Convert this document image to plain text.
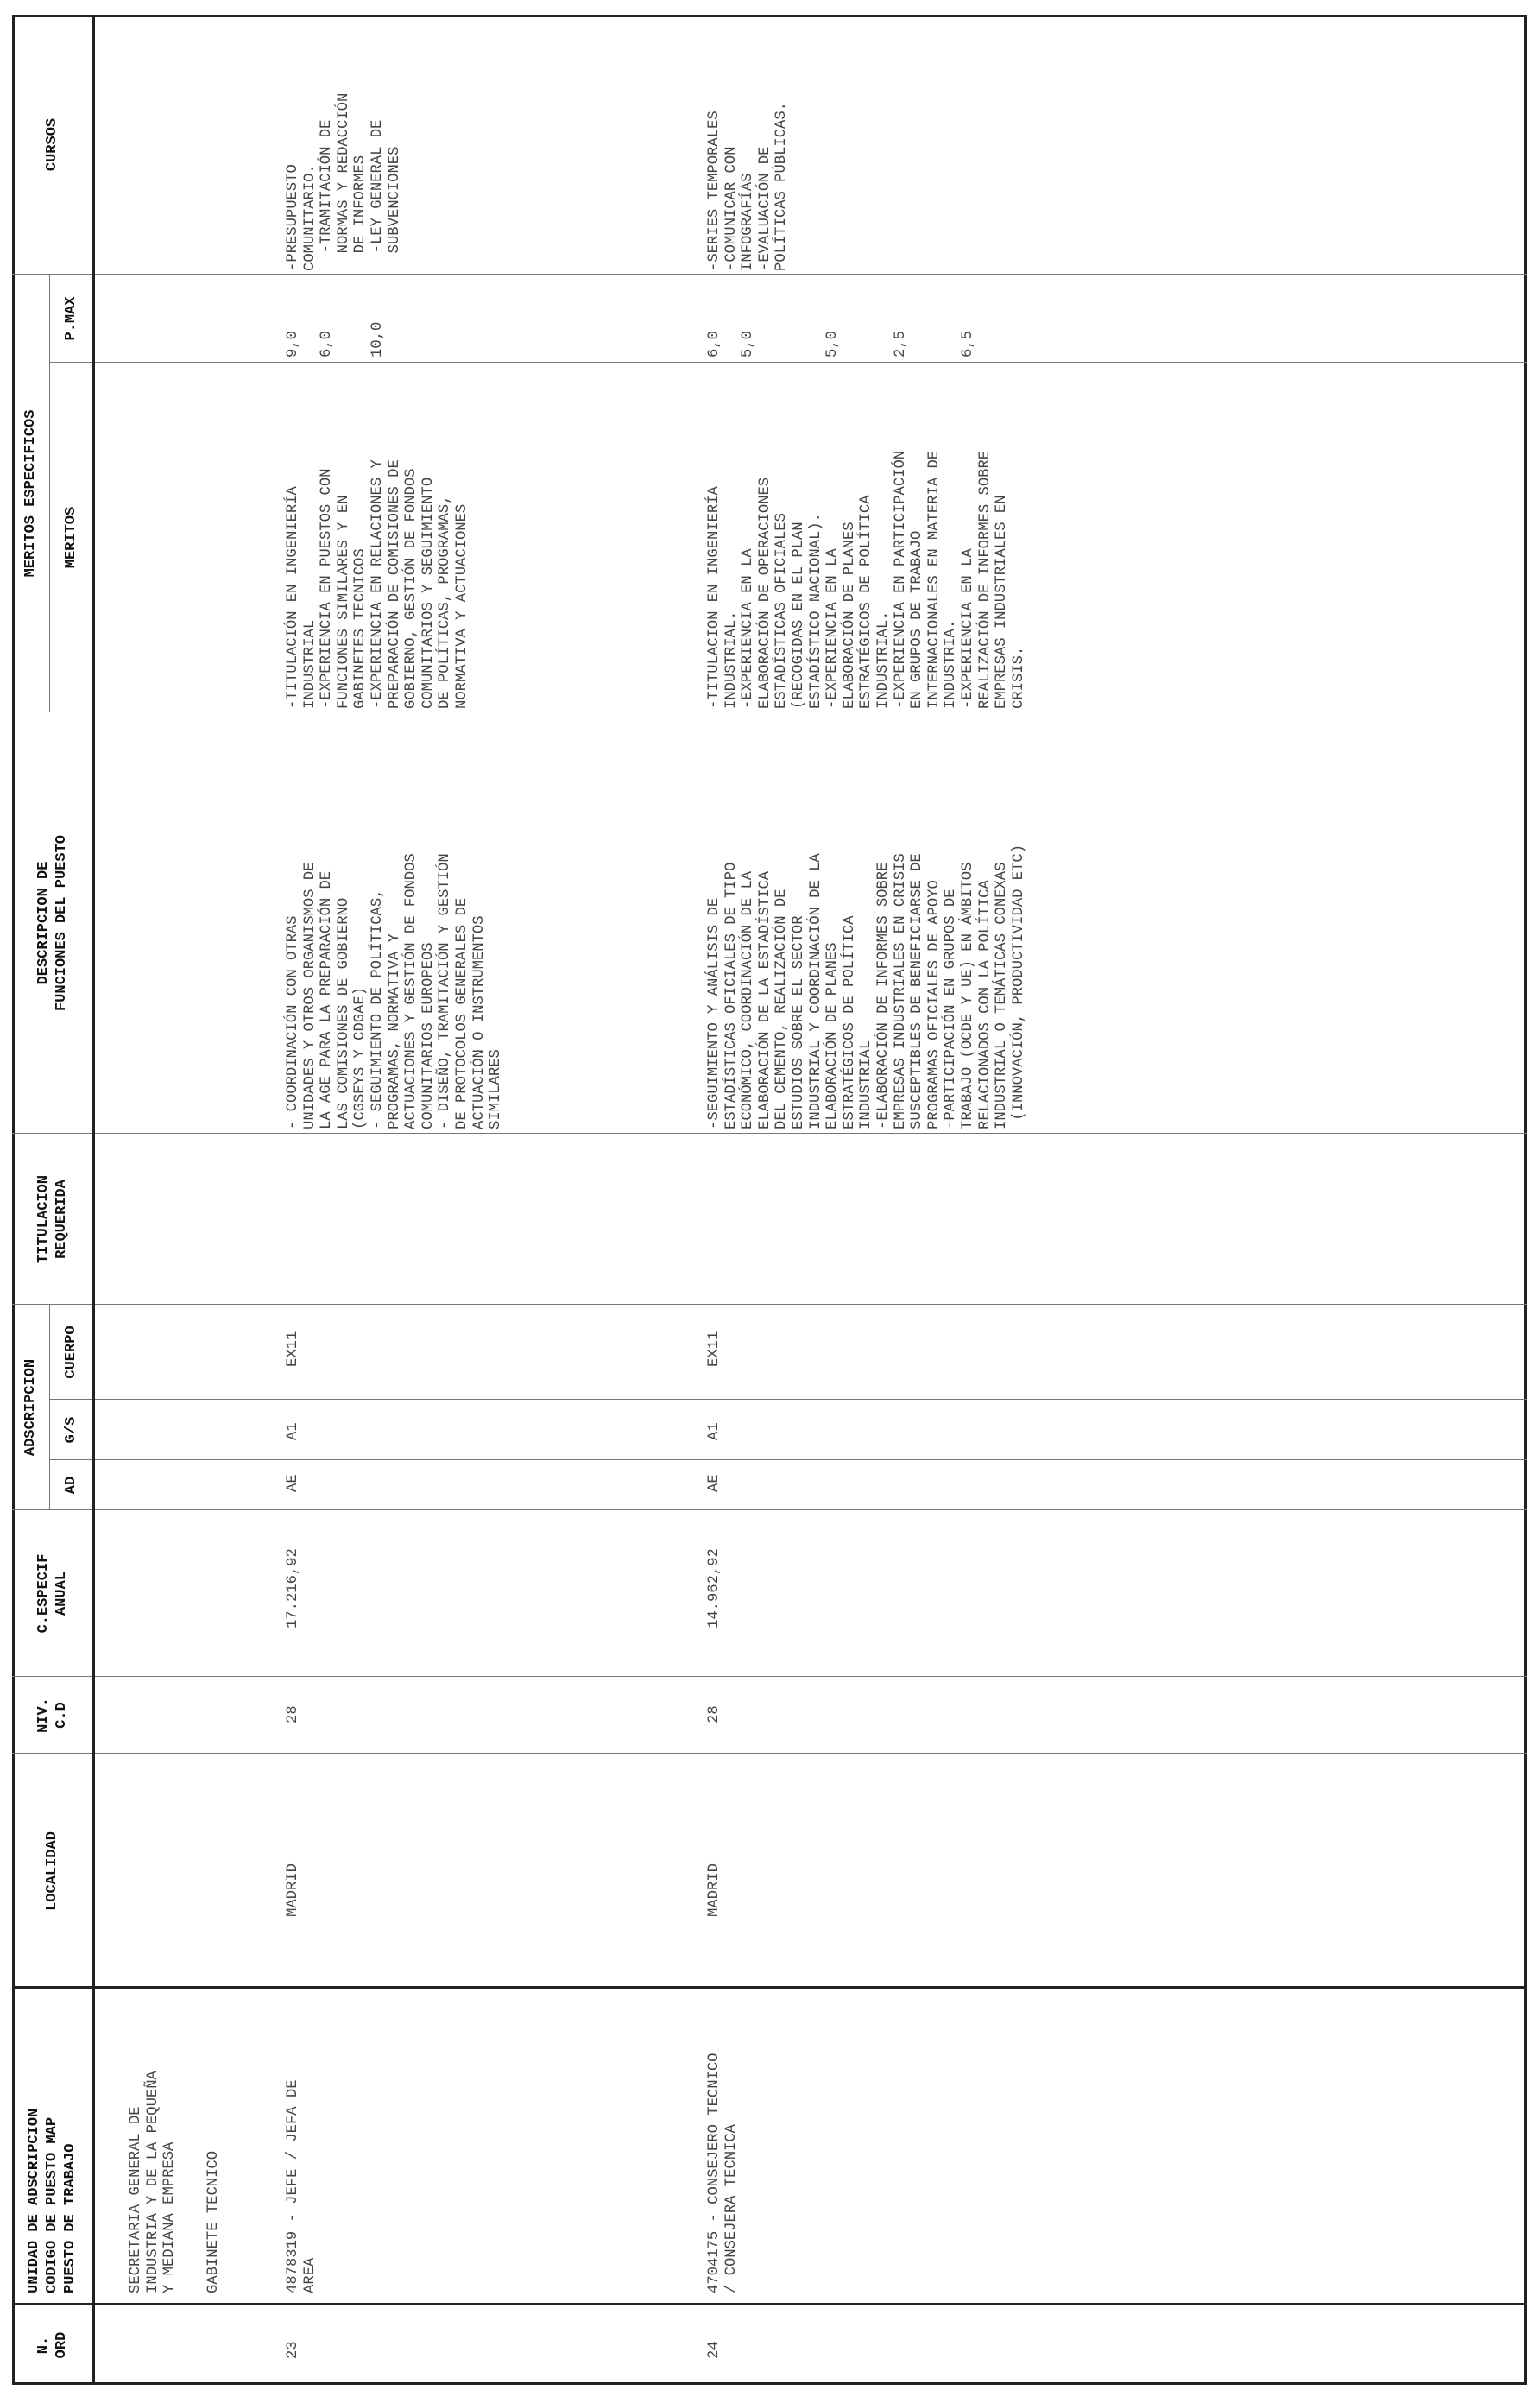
N.
ORD
UNIDAD DE ADSCRIPCION
CODIGO DE PUESTO MAP
PUESTO DE TRABAJO
LOCALIDAD
NIV.
C.D
C.ESPECIF
ANUAL
ADSCRIPCION
AD
G/S
CUERPO
TITULACION
REQUERIDA
DESCRIPCION DE
FUNCIONES DEL PUESTO
MERITOS ESPECIFICOS	MERITOS
P.MAX
CURSOS
SECRETARIA GENERAL DE
INDUSTRIA Y DE LA PEQUEÑA
Y MEDIANA EMPRESA GABINETE TECNICO
23
4878319 - JEFE / JEFA DE
AREA
MADRID
28
17.216,92
AE
A1
EX11
- COORDINACIÓN CON OTRAS
UNIDADES Y OTROS ORGANISMOS DE
LA AGE PARA LA PREPARACIÓN DE
LAS COMISIONES DE GOBIERNO
(CGSEYS Y CDGAE)
- SEGUIMIENTO DE POLÍTICAS,
PROGRAMAS, NORMATIVA Y
ACTUACIONES Y GESTIÓN DE FONDOS
COMUNITARIOS EUROPEOS
- DISEÑO, TRAMITACIÓN Y GESTIÓN
DE PROTOCOLOS GENERALES DE
ACTUACIÓN O INSTRUMENTOS
SIMILARES
-TITULACIÓN EN INGENIERÍA
INDUSTRIAL
-EXPERIENCIA EN PUESTOS CON
FUNCIONES SIMILARES Y EN
GABINETES TECNICOS
-EXPERIENCIA EN RELACIONES Y
PREPARACIÓN DE COMISIONES DE
GOBIERNO, GESTIÓN DE FONDOS
COMUNITARIOS Y SEGUIMIENTO
DE POLÍTICAS, PROGRAMAS,
NORMATIVA Y ACTUACIONES
9,0

6,0

10,0
-PRESUPUESTO
COMUNITARIO.
-TRAMITACIÓN DE
NORMAS Y REDACCIÓN
DE INFORMES
-LEY GENERAL DE
SUBVENCIONES
24
4704175 - CONSEJERO TECNICO
/ CONSEJERA TECNICA
MADRID
28
14.962,92
AE
A1
EX11
-SEGUIMIENTO Y ANÁLISIS DE
ESTADÍSTICAS OFICIALES DE TIPO
ECONÓMICO, COORDINACIÓN DE LA
ELABORACIÓN DE LA ESTADÍSTICA
DEL CEMENTO, REALIZACIÓN DE
ESTUDIOS SOBRE EL SECTOR
INDUSTRIAL Y COORDINACIÓN DE LA
ELABORACIÓN DE PLANES
ESTRATÉGICOS DE POLÍTICA
INDUSTRIAL
-ELABORACIÓN DE INFORMES SOBRE
EMPRESAS INDUSTRIALES EN CRISIS
SUSCEPTIBLES DE BENEFICIARSE DE
PROGRAMAS OFICIALES DE APOYO
-PARTICIPACIÓN EN GRUPOS DE
TRABAJO (OCDE Y UE) EN ÁMBITOS
RELACIONADOS CON LA POLÍTICA
INDUSTRIAL O TEMÁTICAS CONEXAS
(INNOVACIÓN, PRODUCTIVIDAD ETC)
-TITULACION EN INGENIERÍA
INDUSTRIAL.
-EXPERIENCIA EN LA
ELABORACIÓN DE OPERACIONES
ESTADÍSTICAS OFICIALES
(RECOGIDAS EN EL PLAN
ESTADÍSTICO NACIONAL).
-EXPERIENCIA EN LA
ELABORACIÓN DE PLANES
ESTRATÉGICOS DE POLÍTICA
INDUSTRIAL.
-EXPERIENCIA EN PARTICIPACIÓN
EN GRUPOS DE TRABAJO
INTERNACIONALES EN MATERIA DE
INDUSTRIA.
-EXPERIENCIA EN LA
REALIZACIÓN DE INFORMES SOBRE
EMPRESAS INDUSTRIALES EN
CRISIS.
6,0

5,0

5,0

2,5

6,5
-SERIES TEMPORALES
-COMUNICAR CON
INFOGRAFÍAS
-EVALUACIÓN DE
POLÍTICAS PÚBLICAS.
